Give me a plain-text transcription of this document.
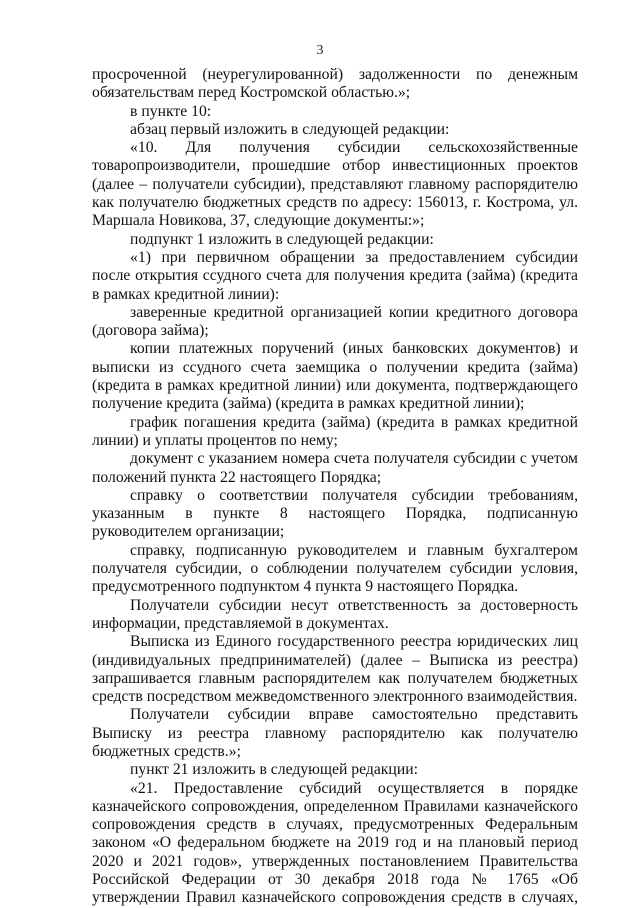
3

просроченной (неурегулированной) задолженности по денежным обязательствам перед Костромской областью.»;

в пункте 10:

абзац первый изложить в следующей редакции:

«10. Для получения субсидии сельскохозяйственные товаропроизводители, прошедшие отбор инвестиционных проектов (далее – получатели субсидии), представляют главному распорядителю как получателю бюджетных средств по адресу: 156013, г. Кострома, ул. Маршала Новикова, 37, следующие документы:»;

подпункт 1 изложить в следующей редакции:

«1) при первичном обращении за предоставлением субсидии после открытия ссудного счета для получения кредита (займа) (кредита в рамках кредитной линии):

заверенные кредитной организацией копии кредитного договора (договора займа);

копии платежных поручений (иных банковских документов) и выписки из ссудного счета заемщика о получении кредита (займа) (кредита в рамках кредитной линии) или документа, подтверждающего получение кредита (займа) (кредита в рамках кредитной линии);

график погашения кредита (займа) (кредита в рамках кредитной линии) и уплаты процентов по нему;

документ с указанием номера счета получателя субсидии с учетом положений пункта 22 настоящего Порядка;

справку о соответствии получателя субсидии требованиям, указанным в пункте 8 настоящего Порядка, подписанную руководителем организации;

справку, подписанную руководителем и главным бухгалтером получателя субсидии, о соблюдении получателем субсидии условия, предусмотренного подпунктом 4 пункта 9 настоящего Порядка.

Получатели субсидии несут ответственность за достоверность информации, представляемой в документах.

Выписка из Единого государственного реестра юридических лиц (индивидуальных предпринимателей) (далее – Выписка из реестра) запрашивается главным распорядителем как получателем бюджетных средств посредством межведомственного электронного взаимодействия.

Получатели субсидии вправе самостоятельно представить Выписку из реестра главному распорядителю как получателю бюджетных средств.»;

пункт 21 изложить в следующей редакции:

«21. Предоставление субсидий осуществляется в порядке казначейского сопровождения, определенном Правилами казначейского сопровождения средств в случаях, предусмотренных Федеральным законом «О федеральном бюджете на 2019 год и на плановый период 2020 и 2021 годов», утвержденных постановлением Правительства Российской Федерации от 30 декабря 2018 года № 1765 «Об утверждении Правил казначейского сопровождения средств в случаях,
